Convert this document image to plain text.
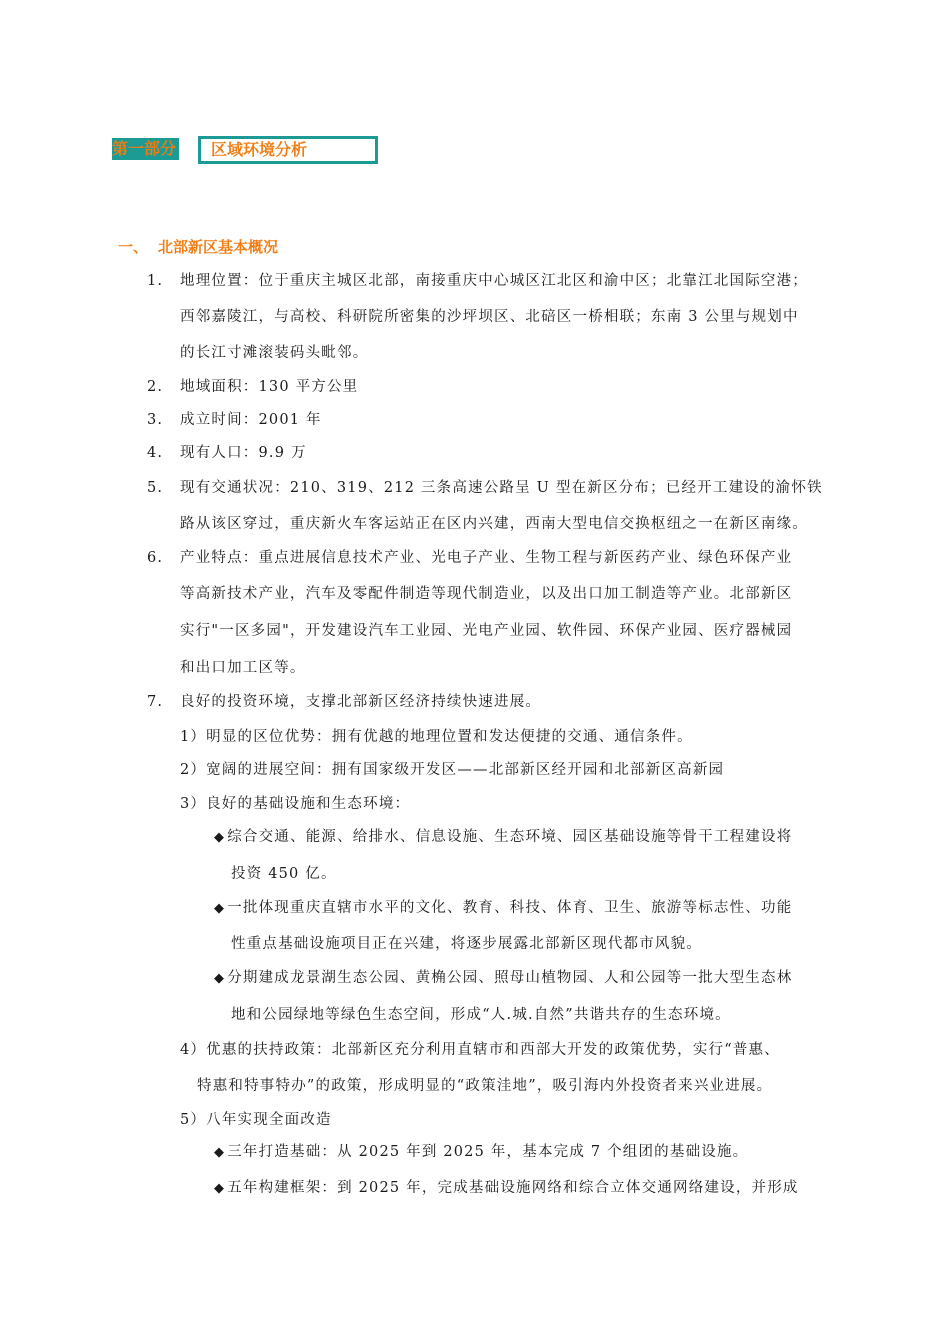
第一部分	区域环境分析
一、 北部新区基本概况
1. 地理位置：位于重庆主城区北部，南接重庆中心城区江北区和渝中区；北靠江北国际空港；
西邻嘉陵江，与高校、科研院所密集的沙坪坝区、北碚区一桥相联；东南 3 公里与规划中
的长江寸滩滚装码头毗邻。
2. 地域面积：130 平方公里
3. 成立时间：2001 年
4. 现有人口：9.9 万
5. 现有交通状况：210、319、212 三条高速公路呈 U 型在新区分布；已经开工建设的渝怀铁
路从该区穿过，重庆新火车客运站正在区内兴建，西南大型电信交换枢纽之一在新区南缘。
6. 产业特点：重点进展信息技术产业、光电子产业、生物工程与新医药产业、绿色环保产业
等高新技术产业，汽车及零配件制造等现代制造业，以及出口加工制造等产业。北部新区
实行"一区多园"，开发建设汽车工业园、光电产业园、软件园、环保产业园、医疗器械园
和出口加工区等。
7. 良好的投资环境，支撑北部新区经济持续快速进展。
1）明显的区位优势：拥有优越的地理位置和发达便捷的交通、通信条件。
2）宽阔的进展空间：拥有国家级开发区——北部新区经开园和北部新区高新园
3）良好的基础设施和生态环境：
◆ 综合交通、能源、给排水、信息设施、生态环境、园区基础设施等骨干工程建设将
投资 450 亿。
◆ 一批体现重庆直辖市水平的文化、教育、科技、体育、卫生、旅游等标志性、功能
性重点基础设施项目正在兴建，将逐步展露北部新区现代都市风貌。
◆ 分期建成龙景湖生态公园、黄桷公园、照母山植物园、人和公园等一批大型生态林
地和公园绿地等绿色生态空间，形成“人.城.自然”共谐共存的生态环境。
4）优惠的扶持政策：北部新区充分利用直辖市和西部大开发的政策优势，实行“普惠、
特惠和特事特办”的政策，形成明显的“政策洼地”，吸引海内外投资者来兴业进展。
5）八年实现全面改造
◆ 三年打造基础：从 2025 年到 2025 年，基本完成 7 个组团的基础设施。
◆ 五年构建框架：到 2025 年，完成基础设施网络和综合立体交通网络建设，并形成
